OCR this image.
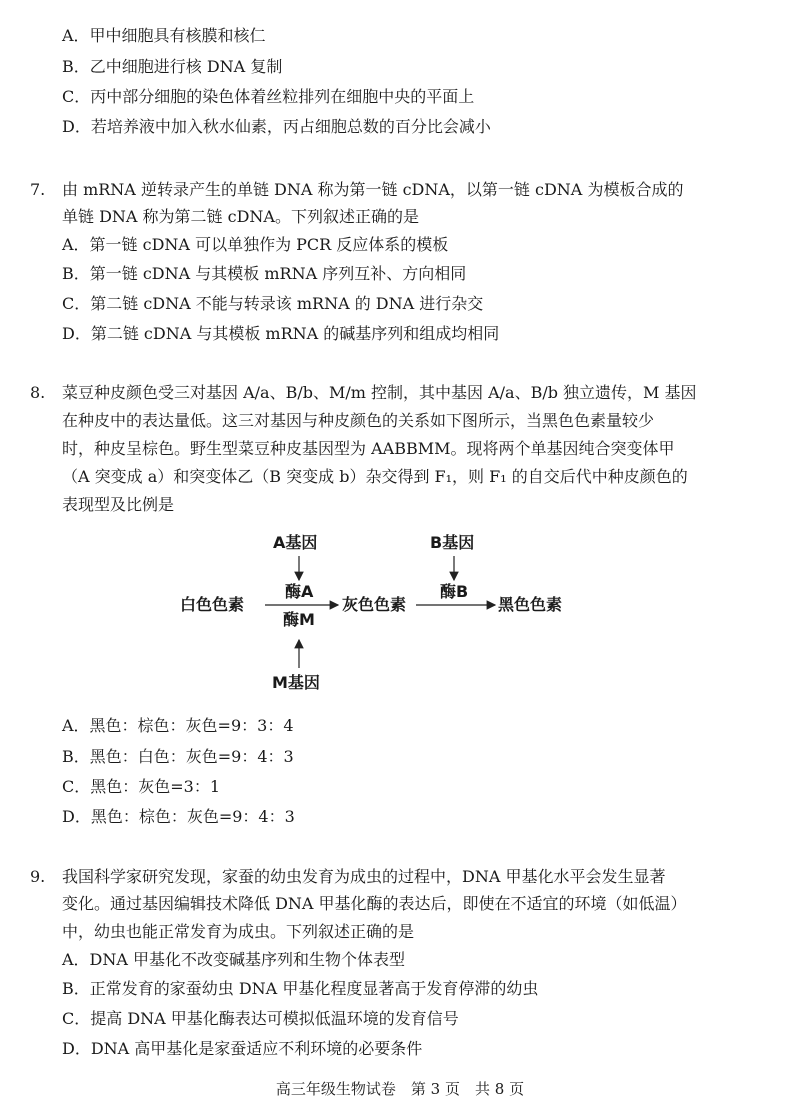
A．甲中细胞具有核膜和核仁
B．乙中细胞进行核 DNA 复制
C．丙中部分细胞的染色体着丝粒排列在细胞中央的平面上
D．若培养液中加入秋水仙素，丙占细胞总数的百分比会减小
7. 由 mRNA 逆转录产生的单链 DNA 称为第一链 cDNA，以第一链 cDNA 为模板合成的
单链 DNA 称为第二链 cDNA。下列叙述正确的是
A．第一链 cDNA 可以单独作为 PCR 反应体系的模板
B．第一链 cDNA 与其模板 mRNA 序列互补、方向相同
C．第二链 cDNA 不能与转录该 mRNA 的 DNA 进行杂交
D．第二链 cDNA 与其模板 mRNA 的碱基序列和组成均相同
8. 菜豆种皮颜色受三对基因 A/a、B/b、M/m 控制，其中基因 A/a、B/b 独立遗传，M 基因
在种皮中的表达量低。这三对基因与种皮颜色的关系如下图所示，当黑色色素量较少
时，种皮呈棕色。野生型菜豆种皮基因型为 AABBMM。现将两个单基因纯合突变体甲
（A 突变成 a）和突变体乙（B 突变成 b）杂交得到 F₁，则 F₁ 的自交后代中种皮颜色的
表现型及比例是
A基因	B基因
酶A	酶B
白色色素	灰色色素	黑色色素
酶M
M基因
A．黑色：棕色：灰色=9：3：4
B．黑色：白色：灰色=9：4：3
C．黑色：灰色=3：1
D．黑色：棕色：灰色=9：4：3
9. 我国科学家研究发现，家蚕的幼虫发育为成虫的过程中，DNA 甲基化水平会发生显著
变化。通过基因编辑技术降低 DNA 甲基化酶的表达后，即使在不适宜的环境（如低温）
中，幼虫也能正常发育为成虫。下列叙述正确的是
A．DNA 甲基化不改变碱基序列和生物个体表型
B．正常发育的家蚕幼虫 DNA 甲基化程度显著高于发育停滞的幼虫
C．提高 DNA 甲基化酶表达可模拟低温环境的发育信号
D．DNA 高甲基化是家蚕适应不利环境的必要条件
高三年级生物试卷　第 3 页　共 8 页
